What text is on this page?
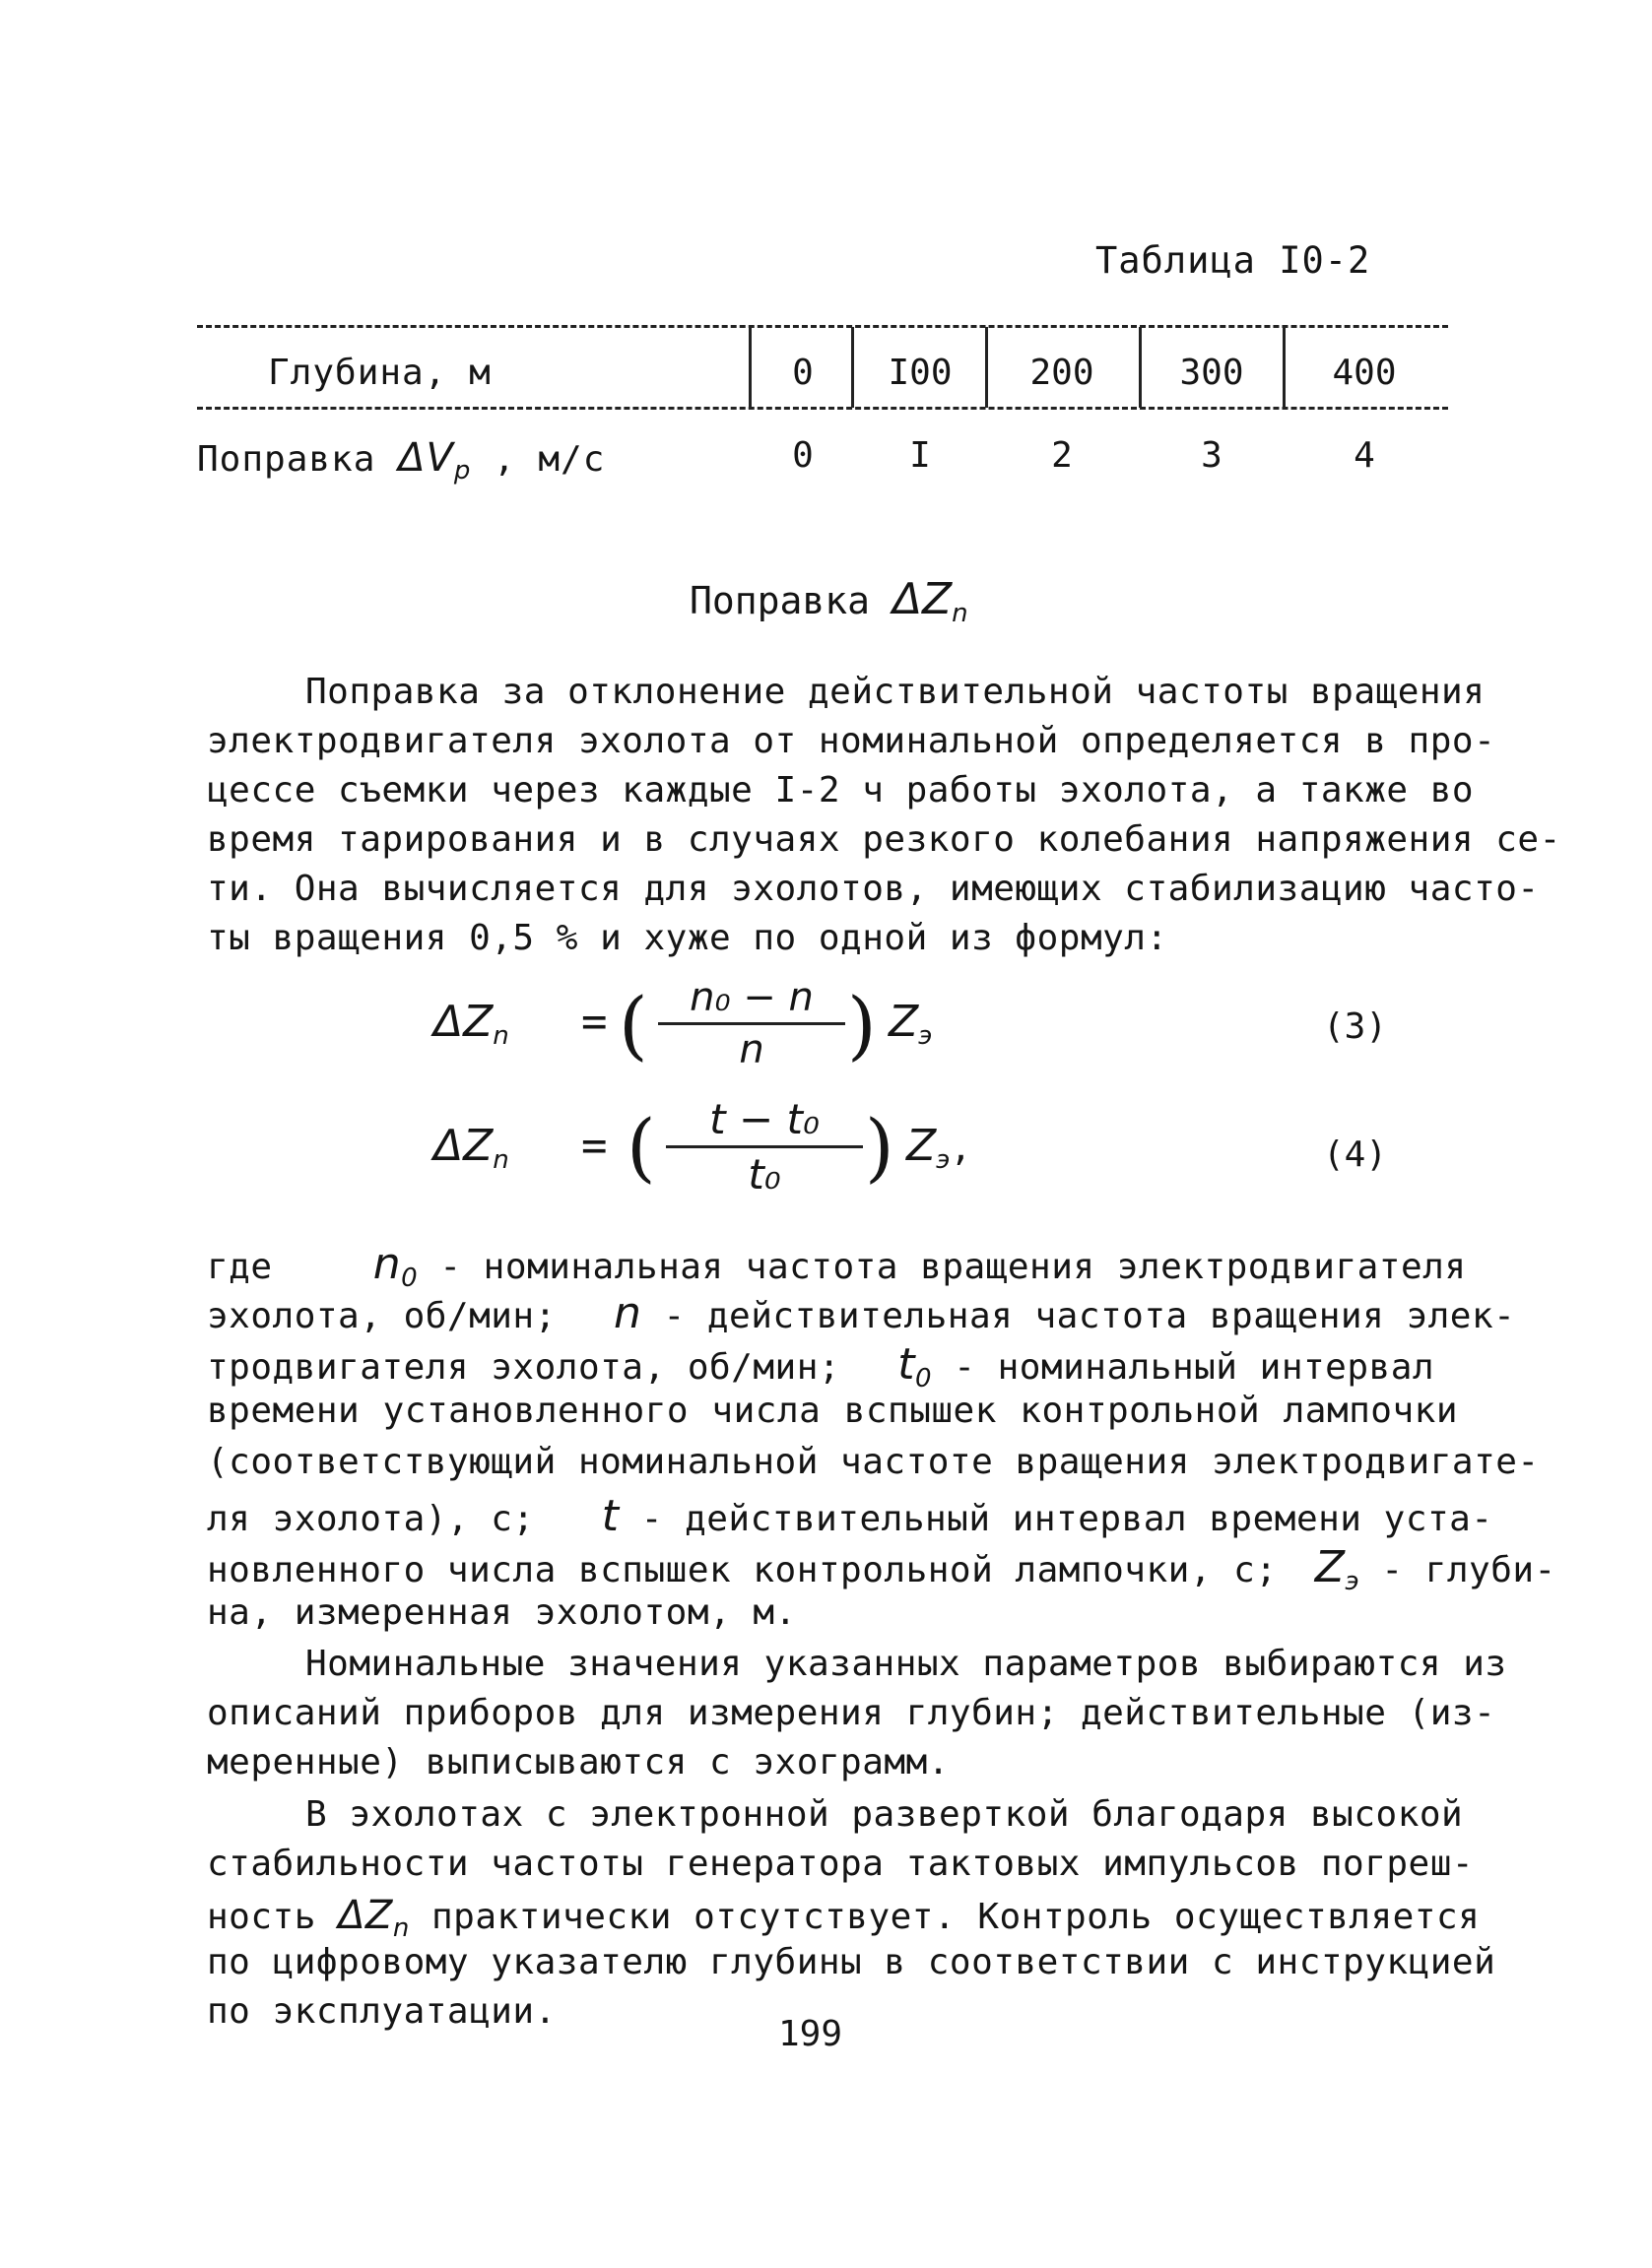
Таблица I0-2
Глубина, м	0	I00	200	300	400
Поправка $\Delta V_р$ , м/с	0	I	2	3	4
Поправка $\Delta Z_n$
Поправка за отклонение действительной частоты вращения
электродвигателя эхолота от номинальной определяется в про-
цессе съемки через каждые I-2 ч работы эхолота, а также во
время тарирования и в случаях резкого колебания напряжения се-
ти. Она вычисляется для эхолотов, имеющих стабилизацию часто-
ты вращения 0,5 % и хуже по одной из формул:
ΔZn = (	n₀ − n
n	) Zэ	(3)
ΔZn = (	t − t₀
t₀	) Zэ,	(4)
где $n_0$ - номинальная частота вращения электродвигателя
эхолота, об/мин; n - действительная частота вращения элек-
тродвигателя эхолота, об/мин; $t_0$ - номинальный интервал
времени установленного числа вспышек контрольной лампочки
(соответствующий номинальной частоте вращения электродвигате-
ля эхолота), с; t - действительный интервал времени уста-
новленного числа вспышек контрольной лампочки, с; $Z_э$ - глуби-
на, измеренная эхолотом, м.
Номинальные значения указанных параметров выбираются из
описаний приборов для измерения глубин; действительные (из-
меренные) выписываются с эхограмм.
В эхолотах с электронной разверткой благодаря высокой
стабильности частоты генератора тактовых импульсов погреш-
ность $\Delta Z_n$ практически отсутствует. Контроль осуществляется
по цифровому указателю глубины в соответствии с инструкцией
по эксплуатации.
199
